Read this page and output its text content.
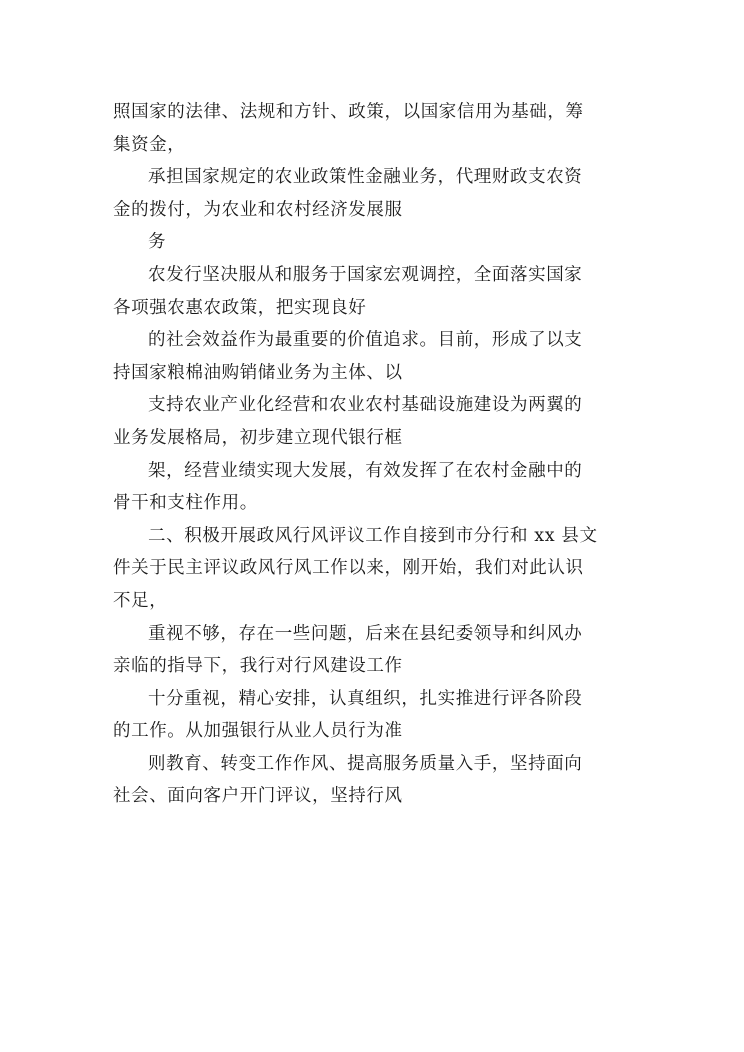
照国家的法律、法规和方针、政策，以国家信用为基础，筹
集资金，
承担国家规定的农业政策性金融业务，代理财政支农资
金的拨付，为农业和农村经济发展服
务
农发行坚决服从和服务于国家宏观调控，全面落实国家
各项强农惠农政策，把实现良好
的社会效益作为最重要的价值追求。目前，形成了以支
持国家粮棉油购销储业务为主体、以
支持农业产业化经营和农业农村基础设施建设为两翼的
业务发展格局，初步建立现代银行框
架，经营业绩实现大发展，有效发挥了在农村金融中的
骨干和支柱作用。
二、积极开展政风行风评议工作自接到市分行和 xx 县文
件关于民主评议政风行风工作以来，刚开始，我们对此认识
不足，
重视不够，存在一些问题，后来在县纪委领导和纠风办
亲临的指导下，我行对行风建设工作
十分重视，精心安排，认真组织，扎实推进行评各阶段
的工作。从加强银行从业人员行为准
则教育、转变工作作风、提高服务质量入手，坚持面向
社会、面向客户开门评议，坚持行风
